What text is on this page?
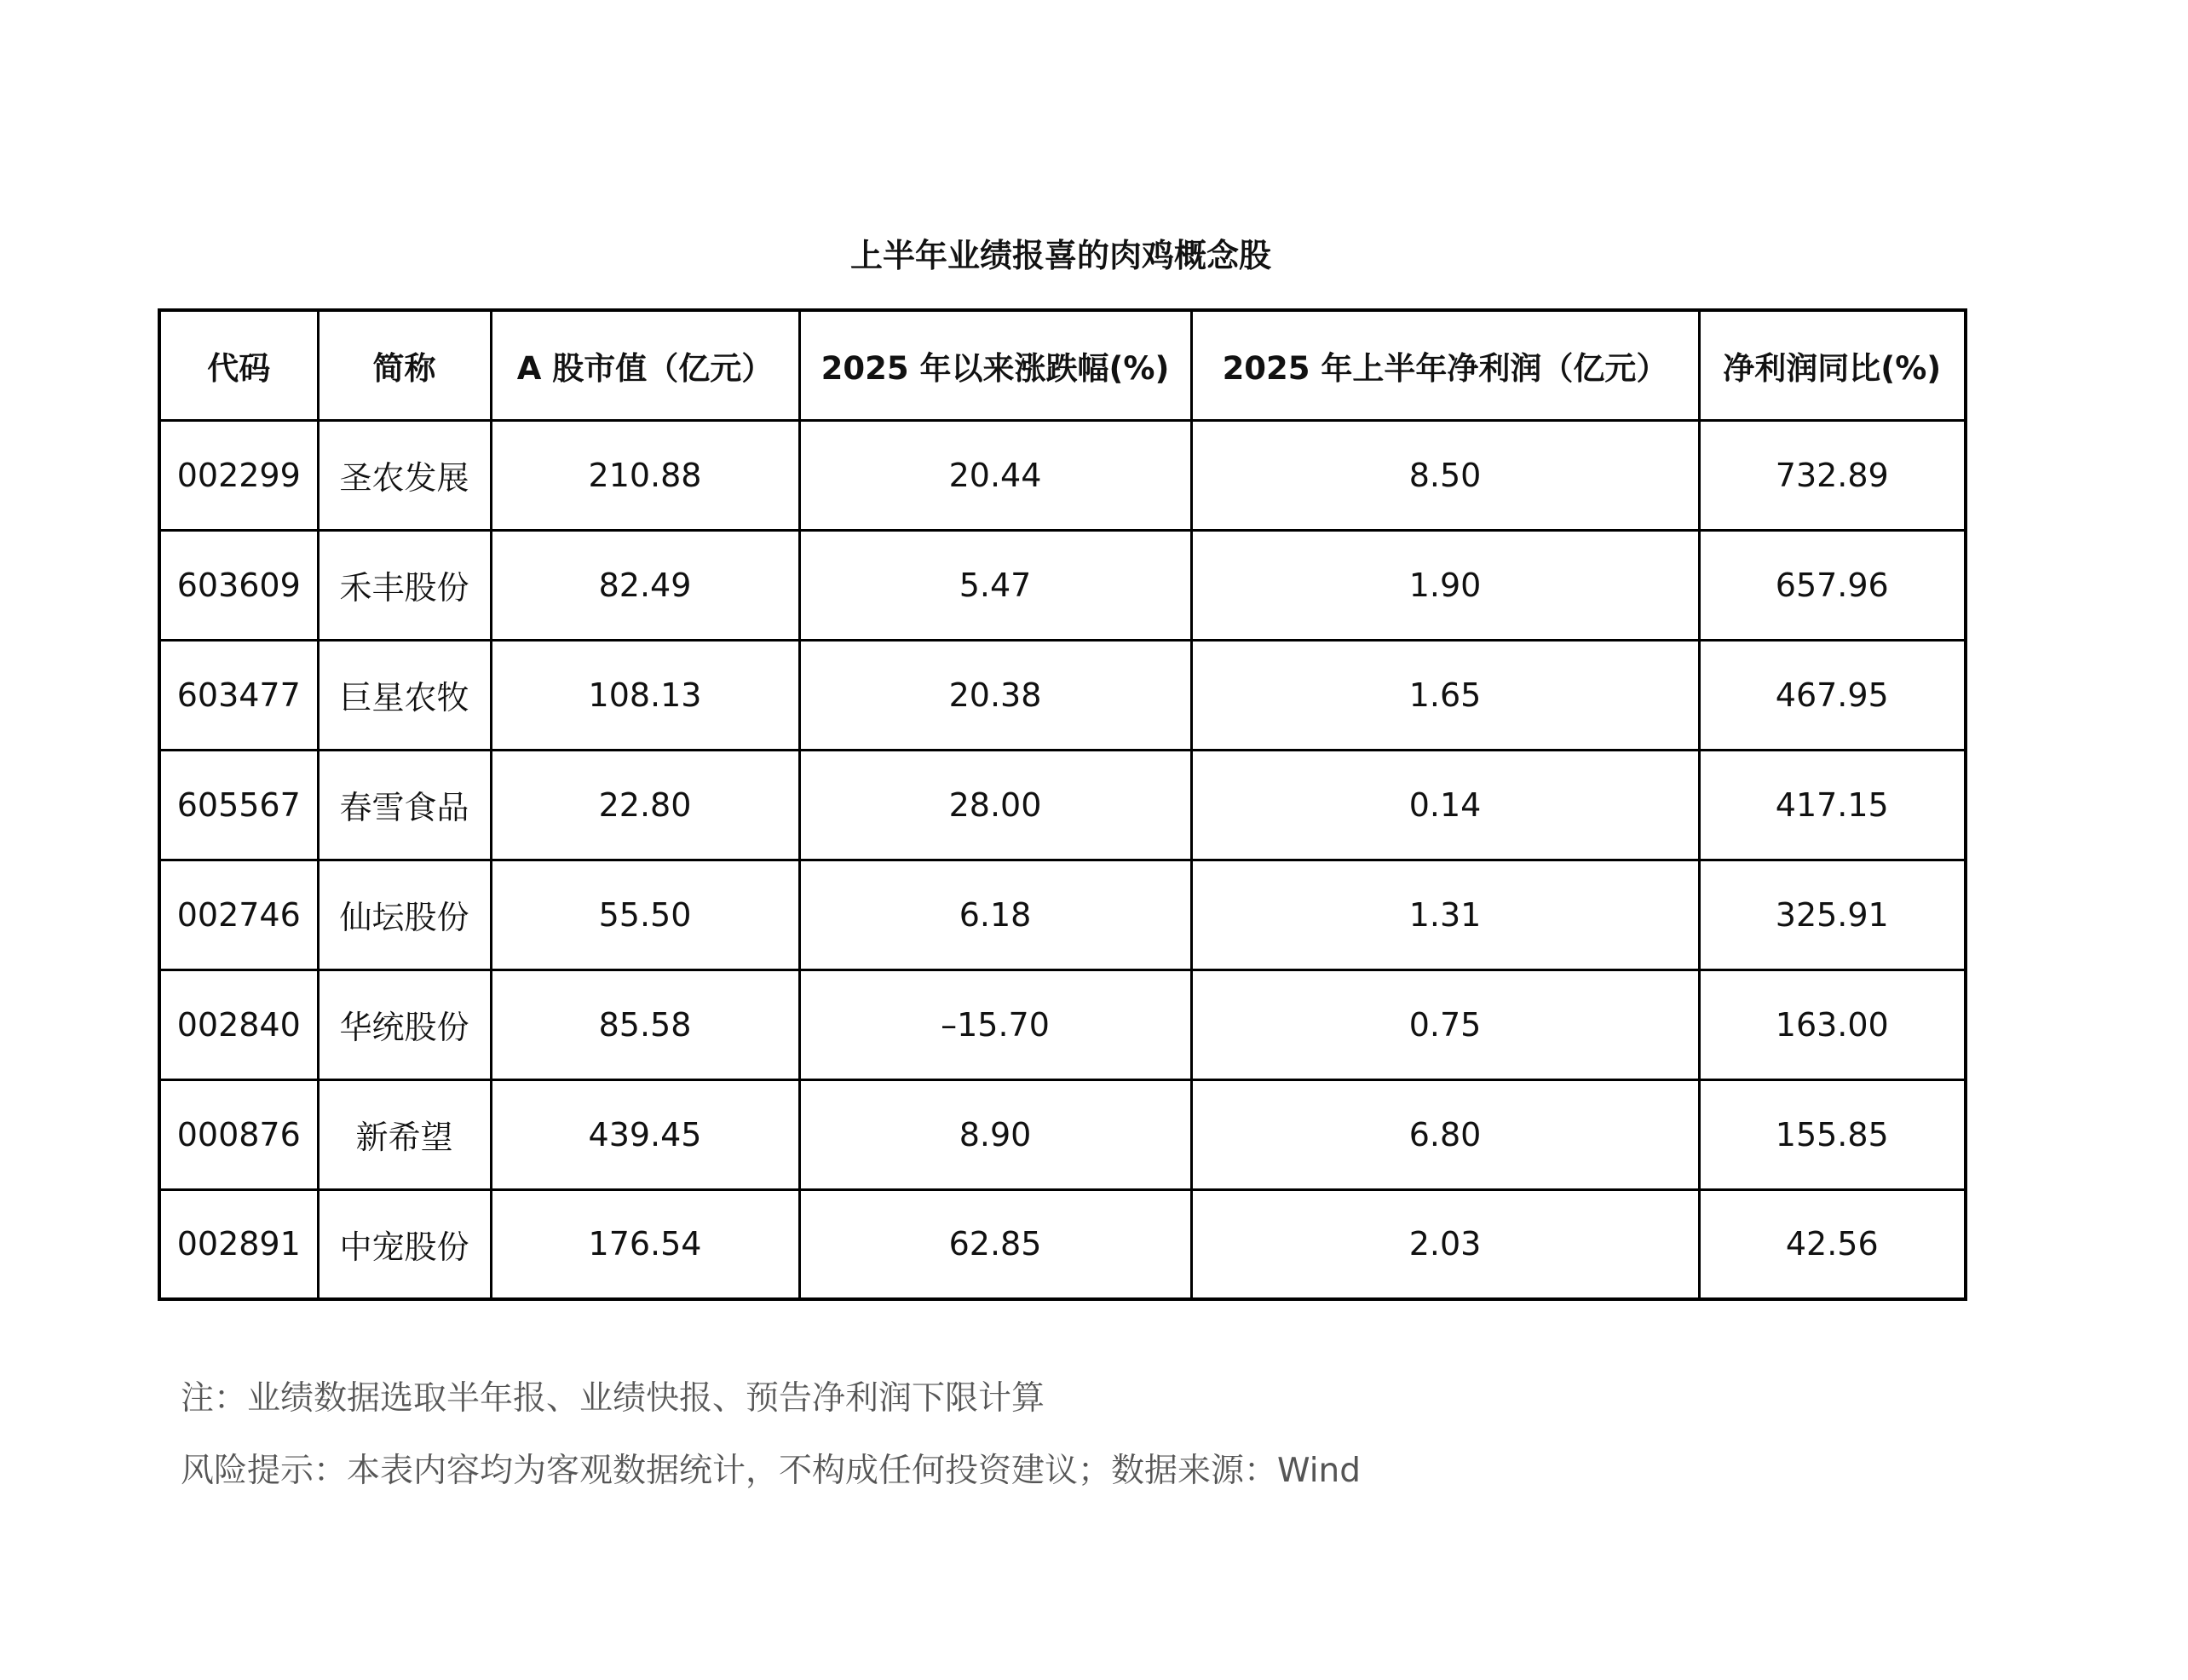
上半年业绩报喜的肉鸡概念股
代码	简称	A 股市值（亿元）	2025 年以来涨跌幅(%)	2025 年上半年净利润（亿元）	净利润同比(%)
002299	圣农发展	210.88	20.44	8.50	732.89
603609	禾丰股份	82.49	5.47	1.90	657.96
603477	巨星农牧	108.13	20.38	1.65	467.95
605567	春雪食品	22.80	28.00	0.14	417.15
002746	仙坛股份	55.50	6.18	1.31	325.91
002840	华统股份	85.58	–15.70	0.75	163.00
000876	新希望	439.45	8.90	6.80	155.85
002891	中宠股份	176.54	62.85	2.03	42.56

注：业绩数据选取半年报、业绩快报、预告净利润下限计算

风险提示：本表内容均为客观数据统计，不构成任何投资建议；数据来源：Wind
